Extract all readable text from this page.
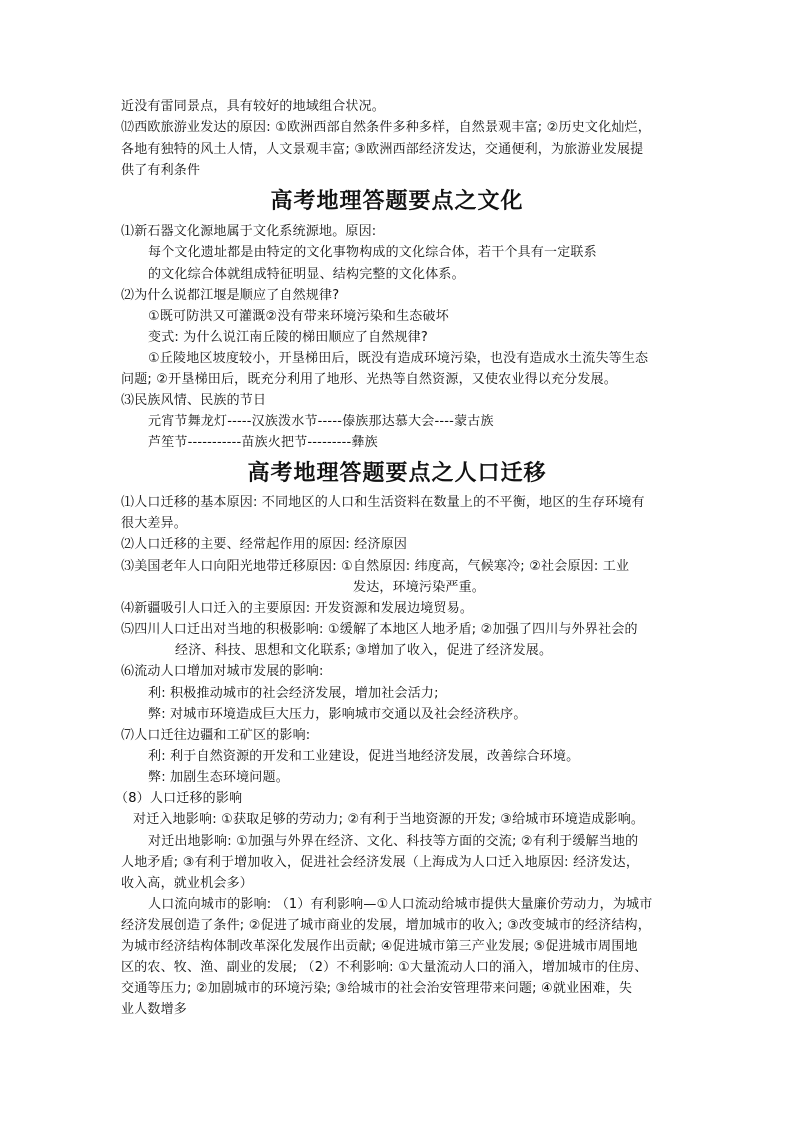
近没有雷同景点，具有较好的地域组合状况。
⑿西欧旅游业发达的原因: ①欧洲西部自然条件多种多样，自然景观丰富; ②历史文化灿烂，
各地有独特的风土人情，人文景观丰富; ③欧洲西部经济发达，交通便利，为旅游业发展提
供了有利条件
高考地理答题要点之文化
⑴新石器文化源地属于文化系统源地。原因:
每个文化遗址都是由特定的文化事物构成的文化综合体，若干个具有一定联系
的文化综合体就组成特征明显、结构完整的文化体系。
⑵为什么说都江堰是顺应了自然规律?
①既可防洪又可灌溉②没有带来环境污染和生态破坏
变式: 为什么说江南丘陵的梯田顺应了自然规律?
①丘陵地区坡度较小，开垦梯田后，既没有造成环境污染，也没有造成水土流失等生态
问题; ②开垦梯田后，既充分利用了地形、光热等自然资源，又使农业得以充分发展。
⑶民族风情、民族的节日
元宵节舞龙灯-----汉族泼水节-----傣族那达慕大会----蒙古族
芦笙节-----------苗族火把节---------彝族
高考地理答题要点之人口迁移
⑴人口迁移的基本原因: 不同地区的人口和生活资料在数量上的不平衡，地区的生存环境有
很大差异。
⑵人口迁移的主要、经常起作用的原因: 经济原因
⑶美国老年人口向阳光地带迁移原因: ①自然原因: 纬度高，气候寒冷; ②社会原因: 工业
发达，环境污染严重。
⑷新疆吸引人口迁入的主要原因: 开发资源和发展边境贸易。
⑸四川人口迁出对当地的积极影响: ①缓解了本地区人地矛盾; ②加强了四川与外界社会的
经济、科技、思想和文化联系; ③增加了收入，促进了经济发展。
⑹流动人口增加对城市发展的影响:
利: 积极推动城市的社会经济发展，增加社会活力;
弊: 对城市环境造成巨大压力，影响城市交通以及社会经济秩序。
⑺人口迁往边疆和工矿区的影响:
利: 利于自然资源的开发和工业建设，促进当地经济发展，改善综合环境。
弊: 加剧生态环境问题。
（8）人口迁移的影响
对迁入地影响: ①获取足够的劳动力; ②有利于当地资源的开发; ③给城市环境造成影响。
对迁出地影响: ①加强与外界在经济、文化、科技等方面的交流; ②有利于缓解当地的
人地矛盾; ③有利于增加收入，促进社会经济发展（上海成为人口迁入地原因: 经济发达，
收入高，就业机会多）
人口流向城市的影响: （1）有利影响—①人口流动给城市提供大量廉价劳动力，为城市
经济发展创造了条件; ②促进了城市商业的发展，增加城市的收入; ③改变城市的经济结构，
为城市经济结构体制改革深化发展作出贡献; ④促进城市第三产业发展; ⑤促进城市周围地
区的农、牧、渔、副业的发展; （2）不利影响: ①大量流动人口的涌入，增加城市的住房、
交通等压力; ②加剧城市的环境污染; ③给城市的社会治安管理带来问题; ④就业困难，失
业人数增多
